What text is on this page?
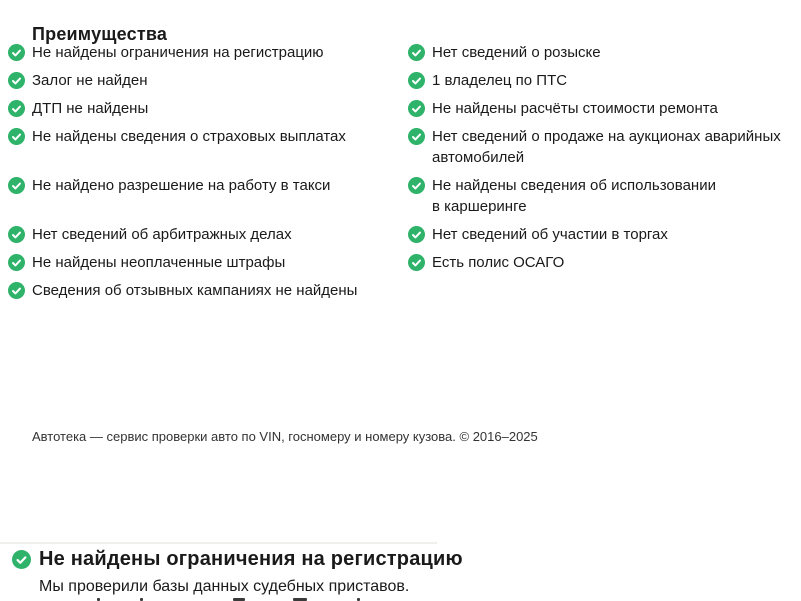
Преимущества
Не найдены ограничения на регистрацию
Залог не найден
ДТП не найдены
Не найдены сведения о страховых выплатах
Не найдено разрешение на работу в такси
Нет сведений об арбитражных делах
Не найдены неоплаченные штрафы
Сведения об отзывных кампаниях не найдены
Нет сведений о розыске
1 владелец по ПТС
Не найдены расчёты стоимости ремонта
Нет сведений о продаже на аукционах аварийных автомобилей
Не найдены сведения об использовании в каршеринге
Нет сведений об участии в торгах
Есть полис ОСАГО
Автотека — сервис проверки авто по VIN, госномеру и номеру кузова. © 2016–2025
Не найдены ограничения на регистрацию

Мы проверили базы данных судебных приставов.
